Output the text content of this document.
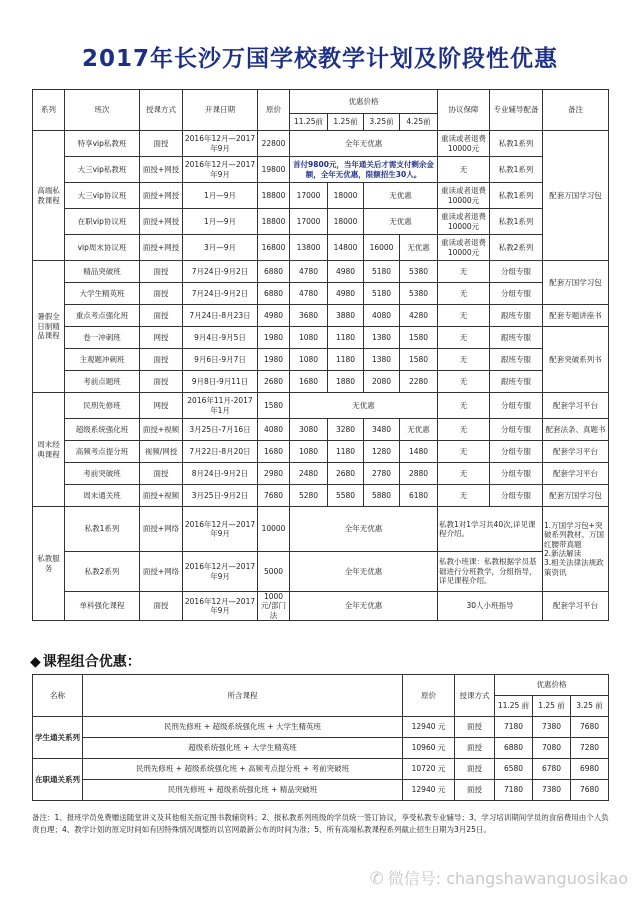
2017年长沙万国学校教学计划及阶段性优惠
系列	班次	授课方式	开课日期	原价	优惠价格				协议保障	专业辅导配备	备注
					11.25前	1.25前	3.25前	4.25前			
高端私教课程	特享vip私教班	面授	2016年12月—2017年9月	22800	全年无优惠				重读或者退费10000元	私教1系列	配套万国学习包
	大三vip私教班	面授+网授	2016年12月—2017年9月	19800	首付9800元，当年通关后才需支付剩余金额，全年无优惠，限额招生30人。				无	私教1系列	
	大三vip协议班	面授+网授	1月—9月	18800	17000	18000	无优惠		重读或者退费10000元	私教1系列	
	在职vip协议班	面授+网授	1月—9月	18800	17000	18000	无优惠		重读或者退费10000元	私教1系列	
	vip周末协议班	面授+网授	3月—9月	16800	13800	14800	16000	无优惠	重读或者退费10000元	私教2系列	
暑假全日制精品课程	精品突破班	面授	7月24日-9月2日	6880	4780	4980	5180	5380	无	分组专服	配套万国学习包
	大学生精英班	面授	7月24日-9月2日	6880	4780	4980	5180	5380	无	分组专服	
	重点考点强化班	面授	7月24日-8月23日	4980	3680	3880	4080	4280	无	跟班专服	配套专题讲座书
	卷一冲刺班	网授	9月4日-9月5日	1980	1080	1180	1380	1580	无	跟班专服	配套突破系列书
	主观题冲刺班	面授	9月6日-9月7日	1980	1080	1180	1380	1580	无	跟班专服	
	考前点题班	面授	9月8日-9月11日	2680	1680	1880	2080	2280	无	跟班专服	
周末经典课程	民刑先修班	网授	2016年11月-2017年1月	1580	无优惠				无	分组专服	配套学习平台
	超级系统强化班	面授+视频	3月25日-7月16日	4080	3080	3280	3480	无优惠	无	分组专服	配套法条、真题书
	高频考点提分班	视频/网授	7月22日-8月20日	1680	1080	1180	1280	1480	无	分组专服	配套学习平台
	考前突破班	面授	8月24日-9月2日	2980	2480	2680	2780	2880	无	分组专服	配套学习平台
	周末通关班	面授+视频	3月25日-9月2日	7680	5280	5580	5880	6180	无	分组专服	配套万国学习包
私教服务	私教1系列	面授+网络	2016年12月—2017年9月	10000	全年无优惠				私教1对1学习共40次,详见课程介绍。		1.万国学习包+突破系列教材、万国红腰带真题
2.新法解读
3.相关法律法规政策资讯
	私教2系列	面授+网络	2016年12月—2017年9月	5000	全年无优惠				私教小班课：私教根据学员基础进行分班教学，分组指导，详见课程介绍。		
	单科强化课程	面授	2016年12月—2017年9月	1000元/部门法	全年无优惠				30人小班指导		配套学习平台
◆ 课程组合优惠：
名称	所含课程	原价	授课方式	优惠价格		
				11.25 前	1.25 前	3.25 前
学生通关系列	民刑先修班 + 超级系统强化班 + 大学生精英班	12940 元	面授	7180	7380	7680
	超级系统强化班 + 大学生精英班	10960 元	面授	6880	7080	7280
在职通关系列	民刑先修班 + 超级系统强化班 + 高频考点提分班 + 考前突破班	10720 元	面授	6580	6780	6980
	民刑先修班 + 超级系统强化班 + 精品突破班	12940 元	面授	7180	7380	7680
备注：1、报班学员免费赠送随堂讲义及其他相关指定图书教辅资料；2、报私教系列班级的学员统一签订协议，享受私教专业辅导；3、学习培训期间学员的食宿费用由个人负责自理；4、教学计划的原定时间如有因特殊情况调整的以官网最新公布的时间为准；5、所有高端私教课程系列截止招生日期为3月25日。
✆ 微信号: changshawanguosikao
